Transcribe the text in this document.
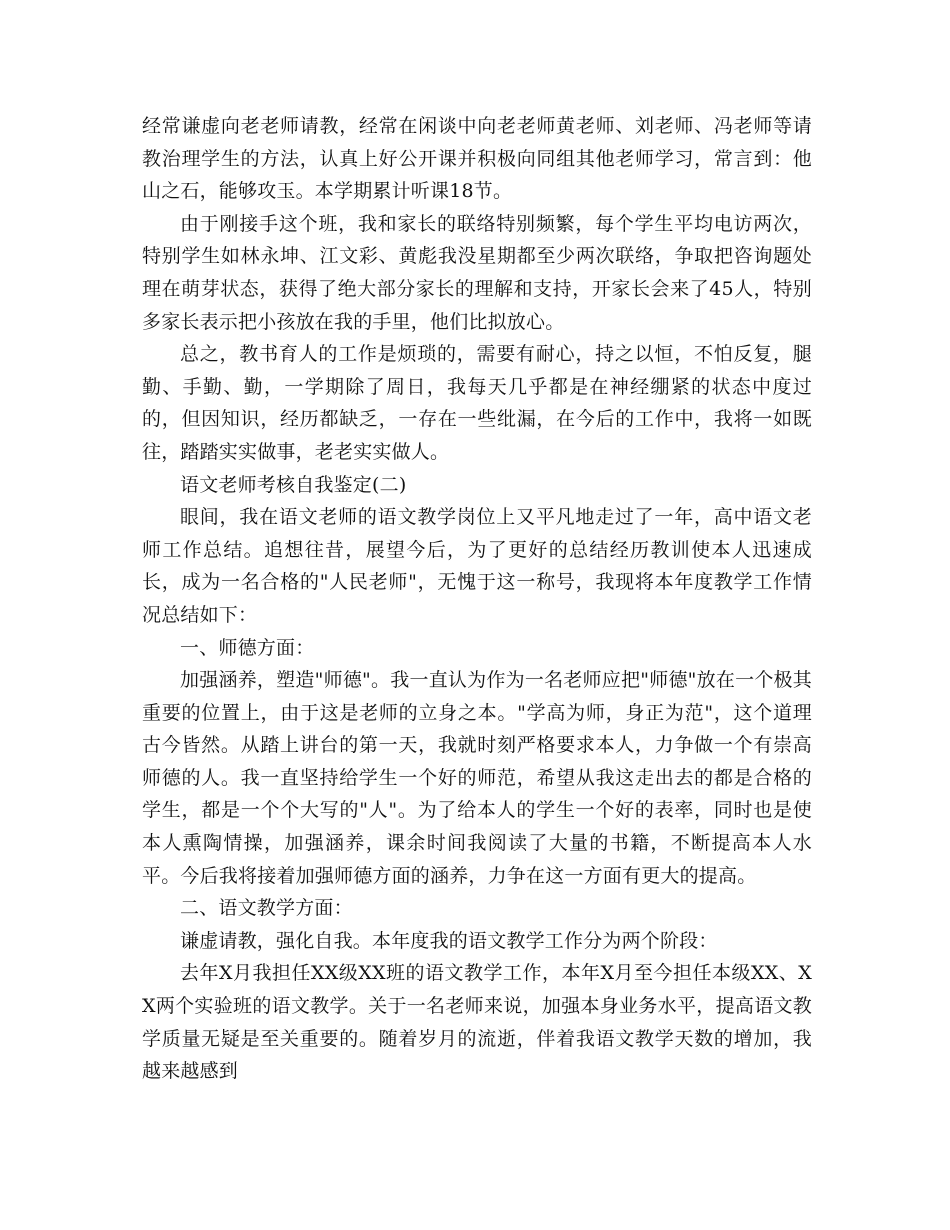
经常谦虚向老老师请教，经常在闲谈中向老老师黄老师、刘老师、冯老师等请教治理学生的方法，认真上好公开课并积极向同组其他老师学习，常言到：他山之石，能够攻玉。本学期累计听课18节。

由于刚接手这个班，我和家长的联络特别频繁，每个学生平均电访两次，特别学生如林永坤、江文彩、黄彪我没星期都至少两次联络，争取把咨询题处理在萌芽状态，获得了绝大部分家长的理解和支持，开家长会来了45人，特别多家长表示把小孩放在我的手里，他们比拟放心。

总之，教书育人的工作是烦琐的，需要有耐心，持之以恒，不怕反复，腿勤、手勤、勤，一学期除了周日，我每天几乎都是在神经绷紧的状态中度过的，但因知识，经历都缺乏，一存在一些纰漏，在今后的工作中，我将一如既往，踏踏实实做事，老老实实做人。

语文老师考核自我鉴定(二)

眼间，我在语文老师的语文教学岗位上又平凡地走过了一年，高中语文老师工作总结。追想往昔，展望今后，为了更好的总结经历教训使本人迅速成长，成为一名合格的"人民老师"，无愧于这一称号，我现将本年度教学工作情况总结如下：

一、师德方面：

加强涵养，塑造"师德"。我一直认为作为一名老师应把"师德"放在一个极其重要的位置上，由于这是老师的立身之本。"学高为师，身正为范"，这个道理古今皆然。从踏上讲台的第一天，我就时刻严格要求本人，力争做一个有崇高师德的人。我一直坚持给学生一个好的师范，希望从我这走出去的都是合格的学生，都是一个个大写的"人"。为了给本人的学生一个好的表率，同时也是使本人熏陶情操，加强涵养，课余时间我阅读了大量的书籍，不断提高本人水平。今后我将接着加强师德方面的涵养，力争在这一方面有更大的提高。

二、语文教学方面：

谦虚请教，强化自我。本年度我的语文教学工作分为两个阶段：

去年X月我担任XX级XX班的语文教学工作，本年X月至今担任本级XX、XX两个实验班的语文教学。关于一名老师来说，加强本身业务水平，提高语文教学质量无疑是至关重要的。随着岁月的流逝，伴着我语文教学天数的增加，我越来越感到
